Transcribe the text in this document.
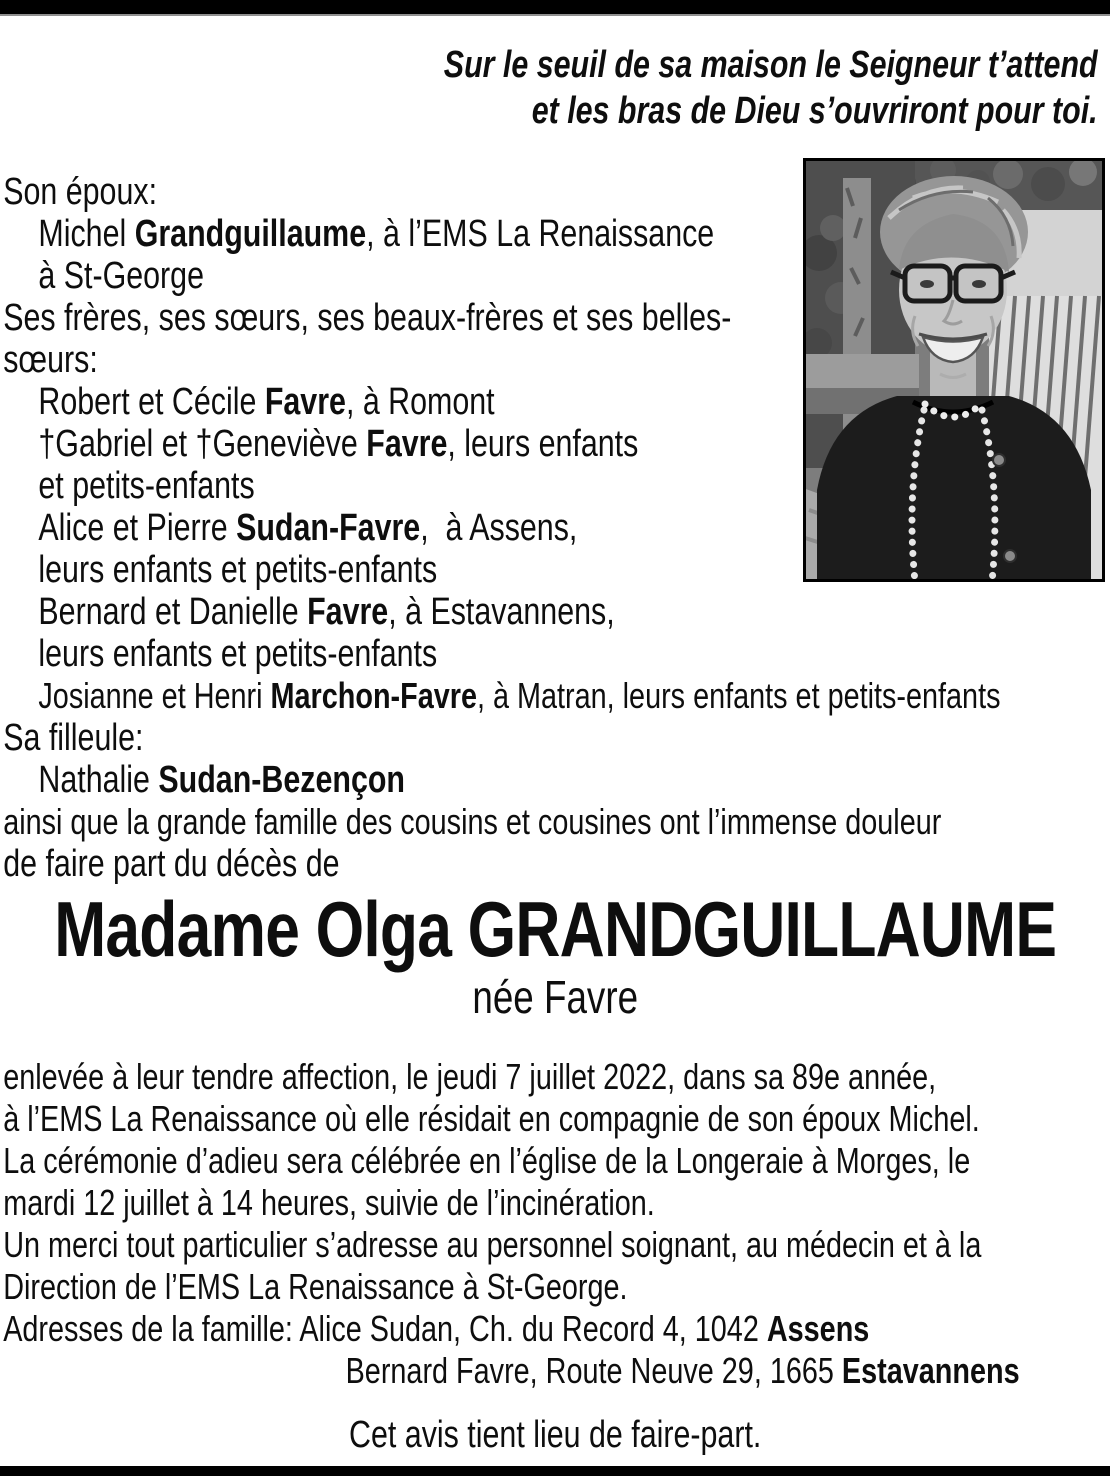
Sur le seuil de sa maison le Seigneur t’attend
et les bras de Dieu s’ouvriront pour toi.
Son époux:
Michel Grandguillaume, à l’EMS La Renaissance
à St-George
Ses frères, ses sœurs, ses beaux-frères et ses belles-
sœurs:
Robert et Cécile Favre, à Romont
†Gabriel et †Geneviève Favre, leurs enfants
et petits-enfants
Alice et Pierre Sudan-Favre,  à Assens,
leurs enfants et petits-enfants
Bernard et Danielle Favre, à Estavannens,
leurs enfants et petits-enfants
Josianne et Henri Marchon-Favre, à Matran, leurs enfants et petits-enfants
Sa filleule:
Nathalie Sudan-Bezençon
ainsi que la grande famille des cousins et cousines ont l’immense douleur
de faire part du décès de
Madame Olga GRANDGUILLAUME
née Favre
enlevée à leur tendre affection, le jeudi 7 juillet 2022, dans sa 89e année,
à l’EMS La Renaissance où elle résidait en compagnie de son époux Michel.
La cérémonie d’adieu sera célébrée en l’église de la Longeraie à Morges, le
mardi 12 juillet à 14 heures, suivie de l’incinération.
Un merci tout particulier s’adresse au personnel soignant, au médecin et à la
Direction de l’EMS La Renaissance à St-George.
Adresses de la famille: Alice Sudan, Ch. du Record 4, 1042 Assens
Bernard Favre, Route Neuve 29, 1665 Estavannens
Cet avis tient lieu de faire-part.
